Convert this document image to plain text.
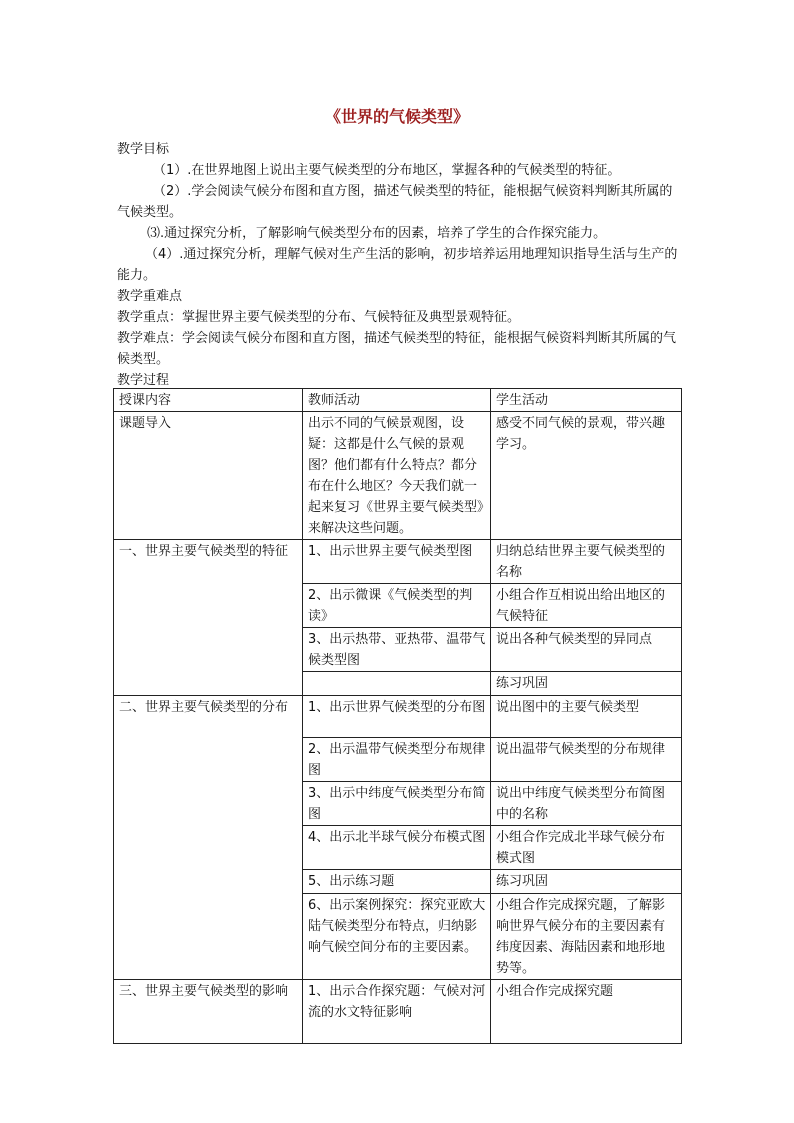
《世界的气候类型》

教学目标

（1）.在世界地图上说出主要气候类型的分布地区，掌握各种的气候类型的特征。

（2）.学会阅读气候分布图和直方图，描述气候类型的特征，能根据气候资料判断其所属的气候类型。

⑶.通过探究分析，了解影响气候类型分布的因素，培养了学生的合作探究能力。

（4）.通过探究分析，理解气候对生产生活的影响，初步培养运用地理知识指导生活与生产的能力。

教学重难点

教学重点：掌握世界主要气候类型的分布、气候特征及典型景观特征。

教学难点：学会阅读气候分布图和直方图，描述气候类型的特征，能根据气候资料判断其所属的气候类型。

教学过程

授课内容	教师活动	学生活动
课题导入	出示不同的气候景观图，设疑：这都是什么气候的景观图？他们都有什么特点？都分布在什么地区？今天我们就一起来复习《世界主要气候类型》来解决这些问题。	感受不同气候的景观，带兴趣学习。
一、世界主要气候类型的特征	1、出示世界主要气候类型图	归纳总结世界主要气候类型的名称
	2、出示微课《气候类型的判读》	小组合作互相说出给出地区的气候特征
	3、出示热带、亚热带、温带气候类型图	说出各种气候类型的异同点
		练习巩固
二、世界主要气候类型的分布	1、出示世界气候类型的分布图	说出图中的主要气候类型
	2、出示温带气候类型分布规律图	说出温带气候类型的分布规律
	3、出示中纬度气候类型分布简图	说出中纬度气候类型分布简图中的名称
	4、出示北半球气候分布模式图	小组合作完成北半球气候分布模式图
	5、出示练习题	练习巩固
	6、出示案例探究：探究亚欧大陆气候类型分布特点，归纳影响气候空间分布的主要因素。	小组合作完成探究题，了解影响世界气候分布的主要因素有纬度因素、海陆因素和地形地势等。
三、世界主要气候类型的影响	1、出示合作探究题：气候对河流的水文特征影响	小组合作完成探究题
